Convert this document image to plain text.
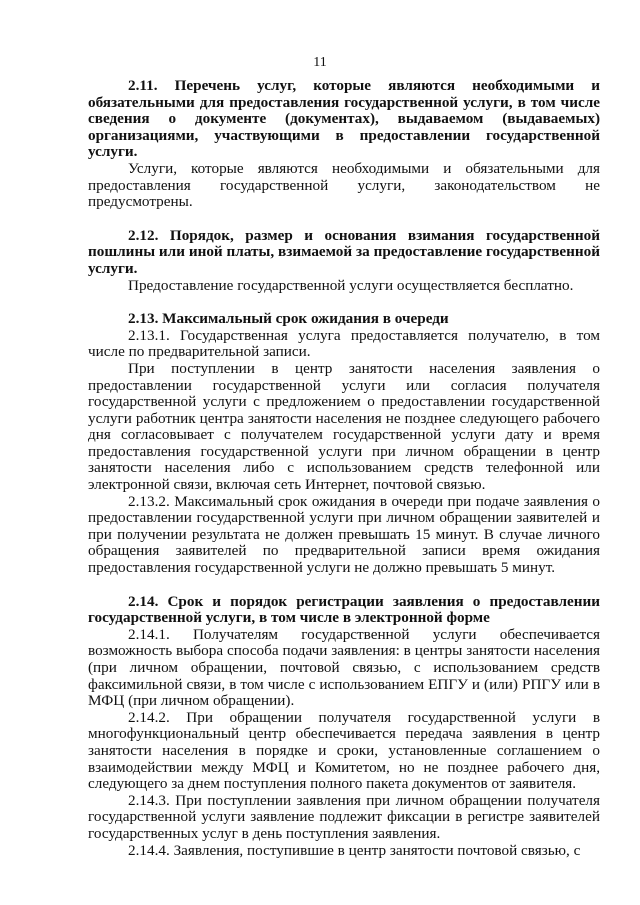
11

2.11. Перечень услуг, которые являются необходимыми и обязательными для предоставления государственной услуги, в том числе сведения о документе (документах), выдаваемом (выдаваемых) организациями, участвующими в предоставлении государственной услуги.

Услуги, которые являются необходимыми и обязательными для предоставления государственной услуги, законодательством не предусмотрены.

2.12. Порядок, размер и основания взимания государственной пошлины или иной платы, взимаемой за предоставление государственной услуги.

Предоставление государственной услуги осуществляется бесплатно.

2.13. Максимальный срок ожидания в очереди

2.13.1. Государственная услуга предоставляется получателю, в том числе по предварительной записи.

При поступлении в центр занятости населения заявления о предоставлении государственной услуги или согласия получателя государственной услуги с предложением о предоставлении государственной услуги работник центра занятости населения не позднее следующего рабочего дня согласовывает с получателем государственной услуги дату и время предоставления государственной услуги при личном обращении в центр занятости населения либо с использованием средств телефонной или электронной связи, включая сеть Интернет, почтовой связью.

2.13.2. Максимальный срок ожидания в очереди при подаче заявления о предоставлении государственной услуги при личном обращении заявителей и при получении результата не должен превышать 15 минут. В случае личного обращения заявителей по предварительной записи время ожидания предоставления государственной услуги не должно превышать 5 минут.

2.14. Срок и порядок регистрации заявления о предоставлении государственной услуги, в том числе в электронной форме

2.14.1. Получателям государственной услуги обеспечивается возможность выбора способа подачи заявления: в центры занятости населения (при личном обращении, почтовой связью, с использованием средств факсимильной связи, в том числе с использованием ЕПГУ и (или) РПГУ или в МФЦ (при личном обращении).

2.14.2. При обращении получателя государственной услуги в многофункциональный центр обеспечивается передача заявления в центр занятости населения в порядке и сроки, установленные соглашением о взаимодействии между МФЦ и Комитетом, но не позднее рабочего дня, следующего за днем поступления полного пакета документов от заявителя.

2.14.3. При поступлении заявления при личном обращении получателя государственной услуги заявление подлежит фиксации в регистре заявителей государственных услуг в день поступления заявления.

2.14.4. Заявления, поступившие в центр занятости почтовой связью, с
